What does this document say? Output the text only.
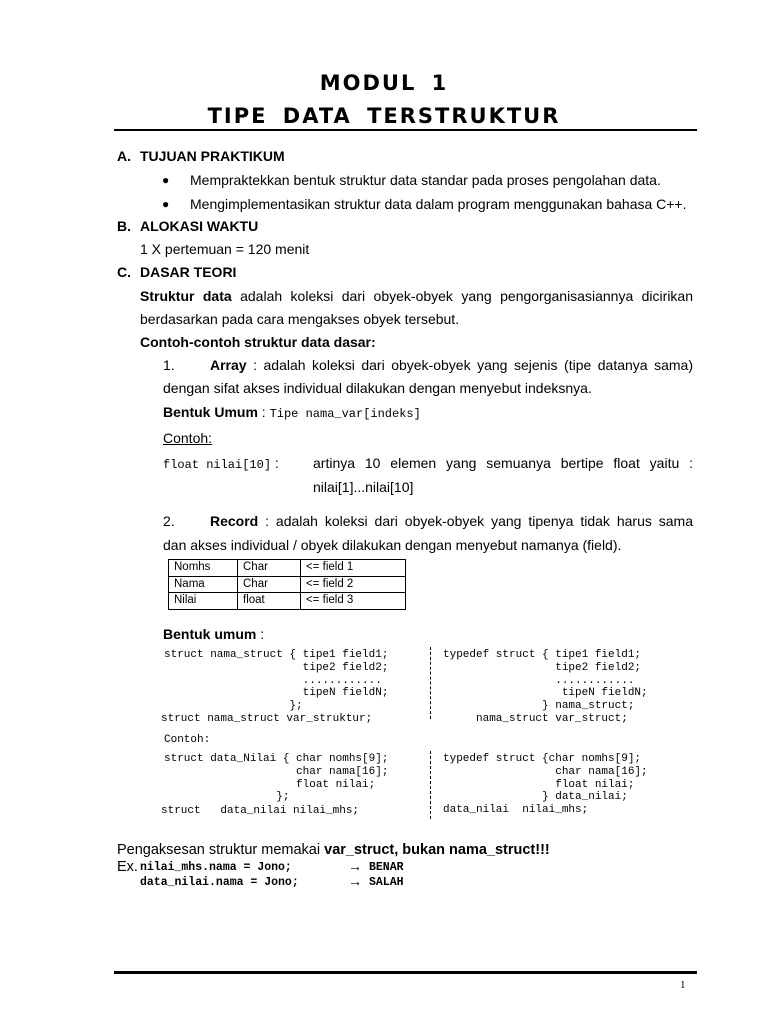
MODUL 1
TIPE DATA TERSTRUKTUR
A. TUJUAN PRAKTIKUM
● Mempraktekkan bentuk struktur data standar pada proses pengolahan data.
● Mengimplementasikan struktur data dalam program menggunakan bahasa C++.
B. ALOKASI WAKTU
1 X pertemuan = 120 menit
C. DASAR TEORI
Struktur data adalah koleksi dari obyek-obyek yang pengorganisasiannya dicirikan
berdasarkan pada cara mengakses obyek tersebut.
Contoh-contoh struktur data dasar:
1.	Array : adalah koleksi dari obyek-obyek yang sejenis (tipe datanya sama)
dengan sifat akses individual dilakukan dengan menyebut indeksnya.
Bentuk Umum : Tipe nama_var[indeks]
Contoh:
float nilai[10] : artinya 10 elemen yang semuanya bertipe float yaitu :
nilai[1]...nilai[10]
2.	Record : adalah koleksi dari obyek-obyek yang tipenya tidak harus sama
dan akses individual / obyek dilakukan dengan menyebut namanya (field).
Nomhs	Char	<= field 1
Nama	Char	<= field 2
Nilai	float	<= field 3
Bentuk umum :
struct nama_struct { tipe1 field1;
tipe2 field2;
............
tipeN fieldN;
};

struct nama_struct var_struktur;
Contoh:
struct data_Nilai { char nomhs[9];
char nama[16];
float nilai;
};

struct   data_nilai nilai_mhs;
typedef struct { tipe1 field1;
tipe2 field2;
............
tipeN fieldN;
} nama_struct;
nama_struct var_struct;
typedef struct {char nomhs[9];
char nama[16];
float nilai;
} data_nilai;
data_nilai  nilai_mhs;
Pengaksesan struktur memakai var_struct, bukan nama_struct!!!
Ex. nilai_mhs.nama = Jono;	→ BENAR
data_nilai.nama = Jono;	→ SALAH
1
